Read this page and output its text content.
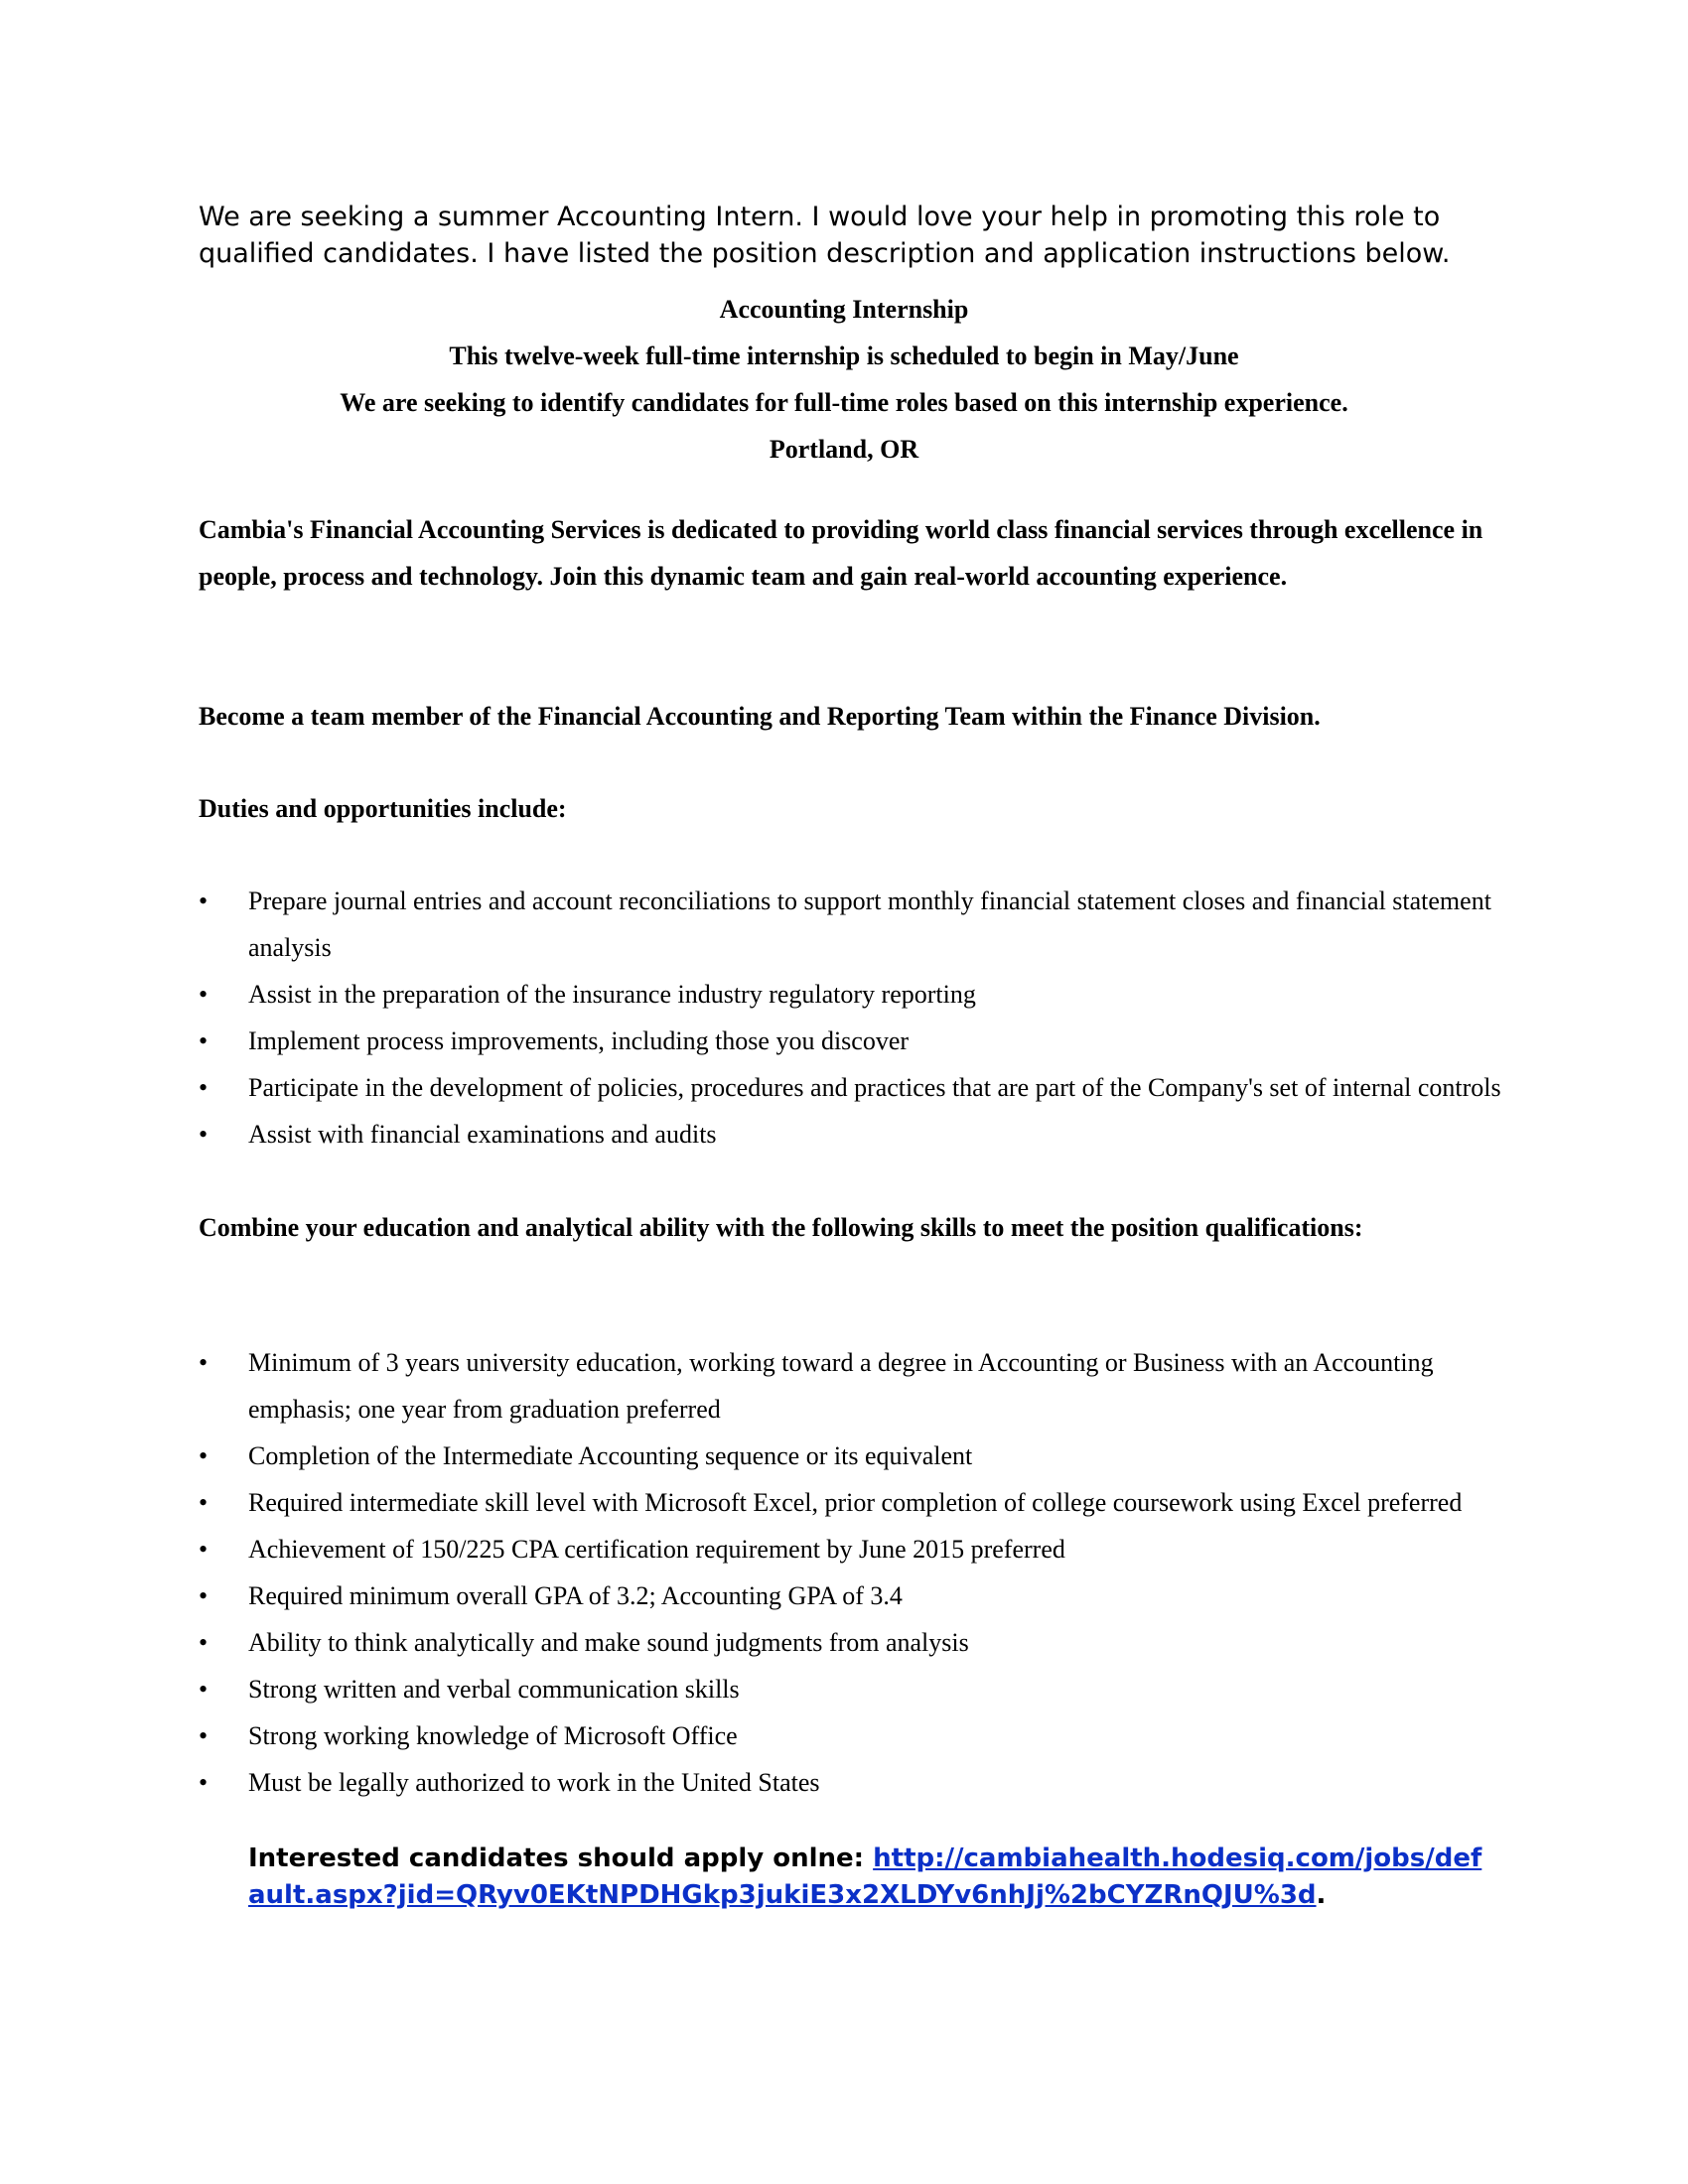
We are seeking a summer Accounting Intern. I would love your help in promoting this role to qualified candidates. I have listed the position description and application instructions below.

Accounting Internship
This twelve-week full-time internship is scheduled to begin in May/June
We are seeking to identify candidates for full-time roles based on this internship experience.
Portland, OR

Cambia's Financial Accounting Services is dedicated to providing world class financial services through excellence in people, process and technology. Join this dynamic team and gain real-world accounting experience.

Become a team member of the Financial Accounting and Reporting Team within the Finance Division.

Duties and opportunities include:

• Prepare journal entries and account reconciliations to support monthly financial statement closes and financial statement analysis
• Assist in the preparation of the insurance industry regulatory reporting
• Implement process improvements, including those you discover
• Participate in the development of policies, procedures and practices that are part of the Company's set of internal controls
• Assist with financial examinations and audits

Combine your education and analytical ability with the following skills to meet the position qualifications:

• Minimum of 3 years university education, working toward a degree in Accounting or Business with an Accounting emphasis; one year from graduation preferred
• Completion of the Intermediate Accounting sequence or its equivalent
• Required intermediate skill level with Microsoft Excel, prior completion of college coursework using Excel preferred
• Achievement of 150/225 CPA certification requirement by June 2015 preferred
• Required minimum overall GPA of 3.2; Accounting GPA of 3.4
• Ability to think analytically and make sound judgments from analysis
• Strong written and verbal communication skills
• Strong working knowledge of Microsoft Office
• Must be legally authorized to work in the United States

Interested candidates should apply onlne: http://cambiahealth.hodesiq.com/jobs/default.aspx?jid=QRyv0EKtNPDHGkp3jukiE3x2XLDYv6nhJj%2bCYZRnQJU%3d.
